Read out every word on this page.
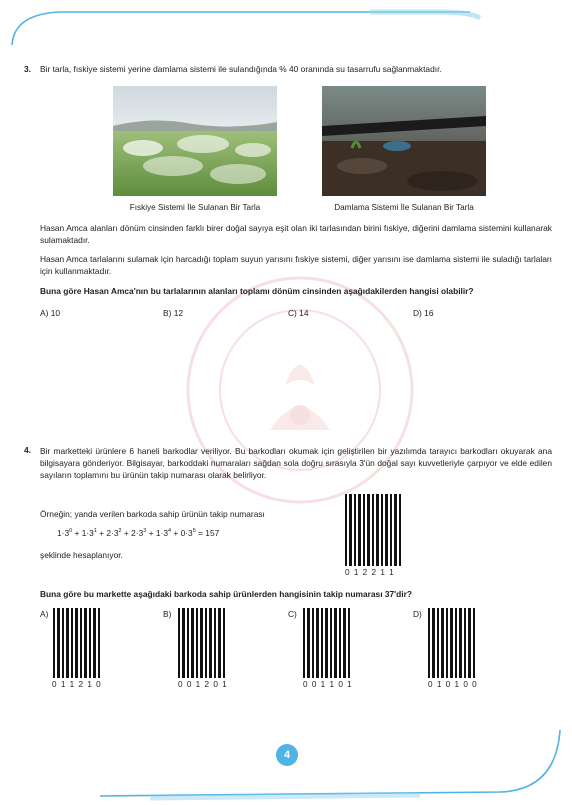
3. Bir tarla, fıskiye sistemi yerine damlama sistemi ile sulandığında % 40 oranında su tasarrufu sağlanmaktadır.
Fıskiye Sistemi İle Sulanan Bir Tarla	Damlama Sistemi İle Sulanan Bir Tarla
Hasan Amca alanları dönüm cinsinden farklı birer doğal sayıya eşit olan iki tarlasından birini fıskiye, diğerini damlama sistemini kullanarak sulamaktadır.
Hasan Amca tarlalarını sulamak için harcadığı toplam suyun yarısını fıskiye sistemi, diğer yarısını ise damlama sistemi ile suladığı tarlaları için kullanmaktadır.
Buna göre Hasan Amca'nın bu tarlalarının alanları toplamı dönüm cinsinden aşağıdakilerden hangisi olabilir?
A) 10	B) 12	C) 14	D) 16
4. Bir marketteki ürünlere 6 haneli barkodlar veriliyor. Bu barkodları okumak için geliştirilen bir yazılımda tarayıcı barkodları okuyarak ana bilgisayara gönderiyor. Bilgisayar, barkoddaki numaraları sağdan sola doğru sırasıyla 3'ün doğal sayı kuvvetleriyle çarpıyor ve elde edilen sayıların toplamını bu ürünün takip numarası olarak belirliyor.
Örneğin; yanda verilen barkoda sahip ürünün takip numarası
$1\cdot 3^0 + 1\cdot 3^1 + 2\cdot 3^2 + 2\cdot 3^3 + 1\cdot 3^4 + 0\cdot 3^5 = 157$
şeklinde hesaplanıyor.
0 1 2 2 1 1
Buna göre bu markette aşağıdaki barkoda sahip ürünlerden hangisinin takip numarası 37'dir?
A)
0 1 1 2 1 0
B)
0 0 1 2 0 1
C)
0 0 1 1 0 1
D)
0 1 0 1 0 0
4
